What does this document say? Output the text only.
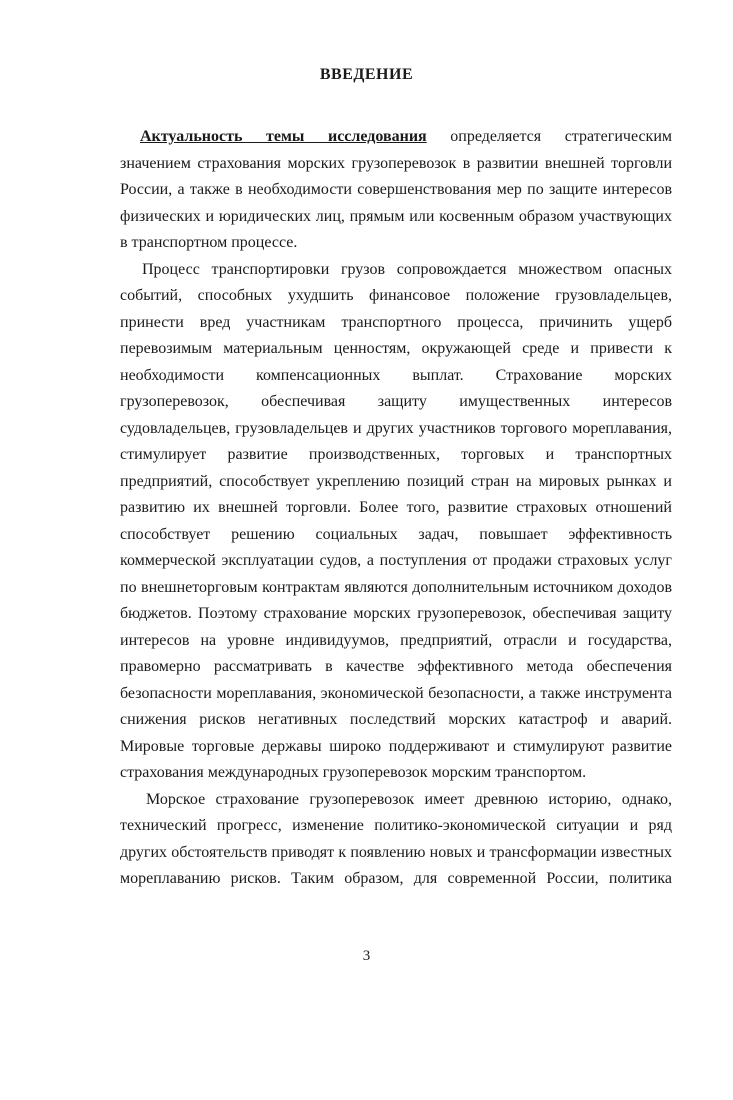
ВВЕДЕНИЕ
Актуальность темы исследования определяется стратегическим
значением страхования морских грузоперевозок в развитии внешней торговли
России, а также в необходимости совершенствования мер по защите интересов
физических и юридических лиц, прямым или косвенным образом участвующих
в транспортном процессе.
Процесс транспортировки грузов сопровождается множеством опасных
событий, способных ухудшить финансовое положение грузовладельцев,
принести вред участникам транспортного процесса, причинить ущерб
перевозимым материальным ценностям, окружающей среде и привести к
необходимости компенсационных выплат. Страхование морских
грузоперевозок, обеспечивая защиту имущественных интересов
судовладельцев, грузовладельцев и других участников торгового мореплавания,
стимулирует развитие производственных, торговых и транспортных
предприятий, способствует укреплению позиций стран на мировых рынках и
развитию их внешней торговли. Более того, развитие страховых отношений
способствует решению социальных задач, повышает эффективность
коммерческой эксплуатации судов, а поступления от продажи страховых услуг
по внешнеторговым контрактам являются дополнительным источником доходов
бюджетов. Поэтому страхование морских грузоперевозок, обеспечивая защиту
интересов на уровне индивидуумов, предприятий, отрасли и государства,
правомерно рассматривать в качестве эффективного метода обеспечения
безопасности мореплавания, экономической безопасности, а также инструмента
снижения рисков негативных последствий морских катастроф и аварий.
Мировые торговые державы широко поддерживают и стимулируют развитие
страхования международных грузоперевозок морским транспортом.
Морское страхование грузоперевозок имеет древнюю историю, однако,
технический прогресс, изменение политико-экономической ситуации и ряд
других обстоятельств приводят к появлению новых и трансформации известных
мореплаванию рисков. Таким образом, для современной России, политика
3
